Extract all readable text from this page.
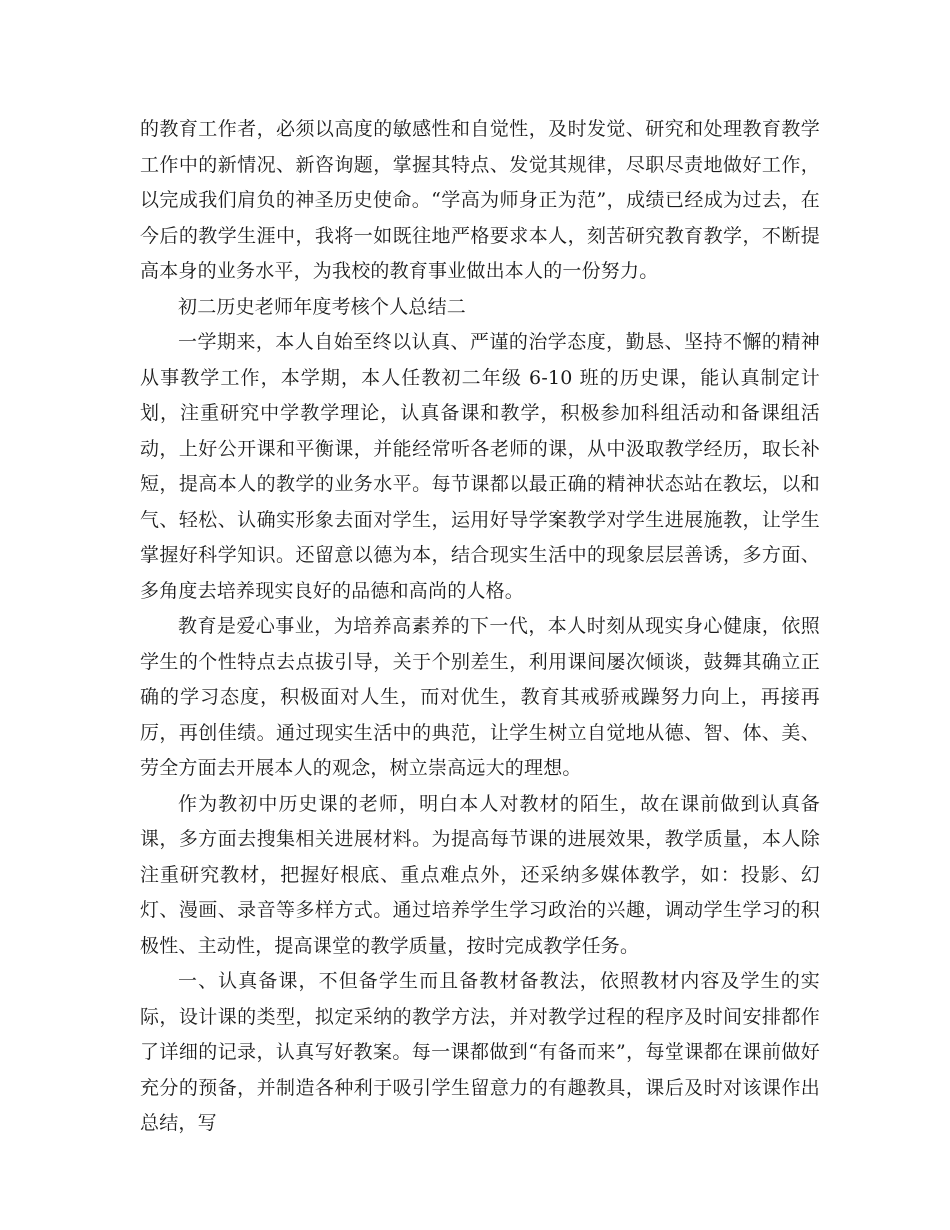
的教育工作者，必须以高度的敏感性和自觉性，及时发觉、研究和处理教育教学工作中的新情况、新咨询题，掌握其特点、发觉其规律，尽职尽责地做好工作，以完成我们肩负的神圣历史使命。“学高为师身正为范”，成绩已经成为过去，在今后的教学生涯中，我将一如既往地严格要求本人，刻苦研究教育教学，不断提高本身的业务水平，为我校的教育事业做出本人的一份努力。

初二历史老师年度考核个人总结二

一学期来，本人自始至终以认真、严谨的治学态度，勤恳、坚持不懈的精神从事教学工作，本学期，本人任教初二年级 6-10 班的历史课，能认真制定计划，注重研究中学教学理论，认真备课和教学，积极参加科组活动和备课组活动，上好公开课和平衡课，并能经常听各老师的课，从中汲取教学经历，取长补短，提高本人的教学的业务水平。每节课都以最正确的精神状态站在教坛，以和气、轻松、认确实形象去面对学生，运用好导学案教学对学生进展施教，让学生掌握好科学知识。还留意以德为本，结合现实生活中的现象层层善诱，多方面、多角度去培养现实良好的品德和高尚的人格。

教育是爱心事业，为培养高素养的下一代，本人时刻从现实身心健康，依照学生的个性特点去点拔引导，关于个别差生，利用课间屡次倾谈，鼓舞其确立正确的学习态度，积极面对人生，而对优生，教育其戒骄戒躁努力向上，再接再厉，再创佳绩。通过现实生活中的典范，让学生树立自觉地从德、智、体、美、劳全方面去开展本人的观念，树立崇高远大的理想。

作为教初中历史课的老师，明白本人对教材的陌生，故在课前做到认真备课，多方面去搜集相关进展材料。为提高每节课的进展效果，教学质量，本人除注重研究教材，把握好根底、重点难点外，还采纳多媒体教学，如：投影、幻灯、漫画、录音等多样方式。通过培养学生学习政治的兴趣，调动学生学习的积极性、主动性，提高课堂的教学质量，按时完成教学任务。

一、认真备课，不但备学生而且备教材备教法，依照教材内容及学生的实际，设计课的类型，拟定采纳的教学方法，并对教学过程的程序及时间安排都作了详细的记录，认真写好教案。每一课都做到“有备而来”，每堂课都在课前做好充分的预备，并制造各种利于吸引学生留意力的有趣教具，课后及时对该课作出总结，写
